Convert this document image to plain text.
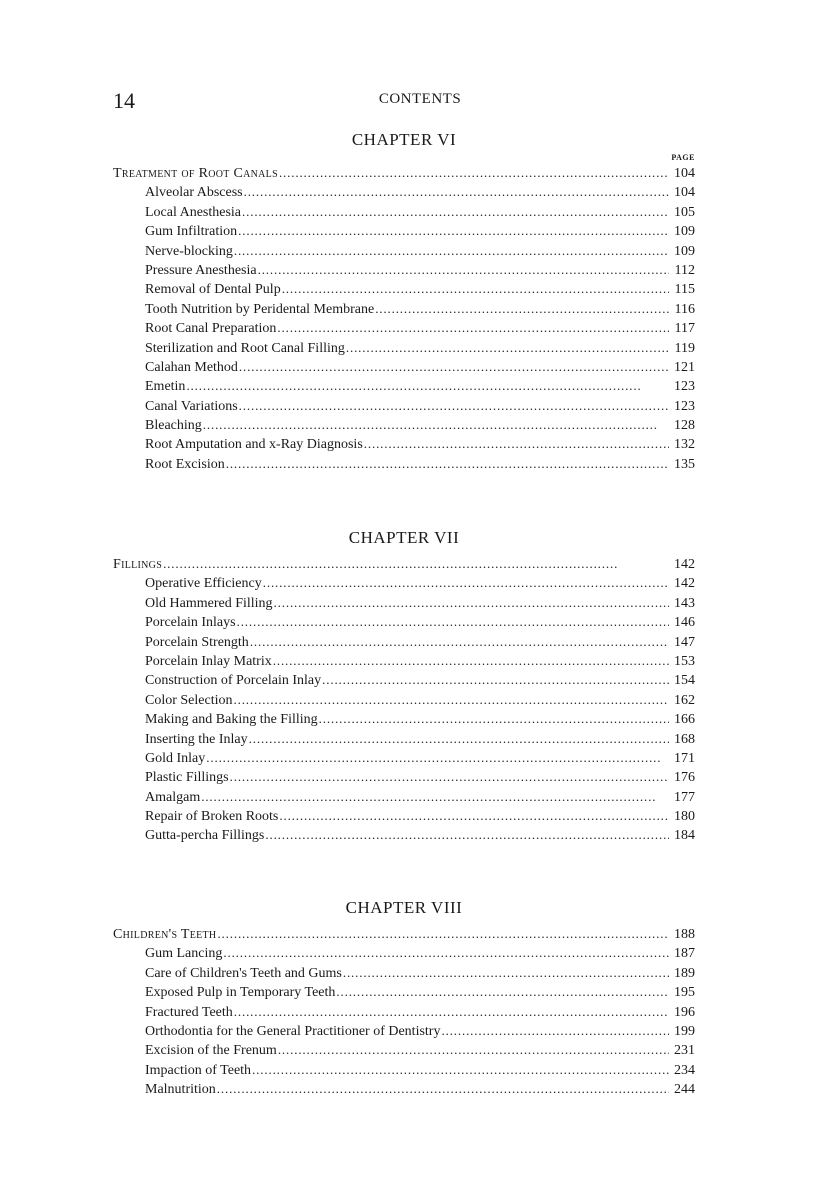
14	CONTENTS
CHAPTER VI
PAGE
Treatment of Root Canals . . .	104
Alveolar Abscess . . .	104
Local Anesthesia . . .	105
Gum Infiltration . . .	109
Nerve-blocking . . .	109
Pressure Anesthesia . . .	112
Removal of Dental Pulp . . .	115
Tooth Nutrition by Peridental Membrane . . .	116
Root Canal Preparation . . .	117
Sterilization and Root Canal Filling . . .	119
Calahan Method . . .	121
Emetin . . .	123
Canal Variations . . .	123
Bleaching . . .	128
Root Amputation and x-Ray Diagnosis . . .	132
Root Excision . . .	135
CHAPTER VII
Fillings . . .	142
Operative Efficiency . . .	142
Old Hammered Filling . . .	143
Porcelain Inlays . . .	146
Porcelain Strength . . .	147
Porcelain Inlay Matrix . . .	153
Construction of Porcelain Inlay . . .	154
Color Selection . . .	162
Making and Baking the Filling . . .	166
Inserting the Inlay . . .	168
Gold Inlay . . .	171
Plastic Fillings . . .	176
Amalgam . . .	177
Repair of Broken Roots . . .	180
Gutta-percha Fillings . . .	184
CHAPTER VIII
Children's Teeth . . .	188
Gum Lancing . . .	187
Care of Children's Teeth and Gums . . .	189
Exposed Pulp in Temporary Teeth . . .	195
Fractured Teeth . . .	196
Orthodontia for the General Practitioner of Dentistry . . .	199
Excision of the Frenum . . .	231
Impaction of Teeth . . .	234
Malnutrition . . .	244
